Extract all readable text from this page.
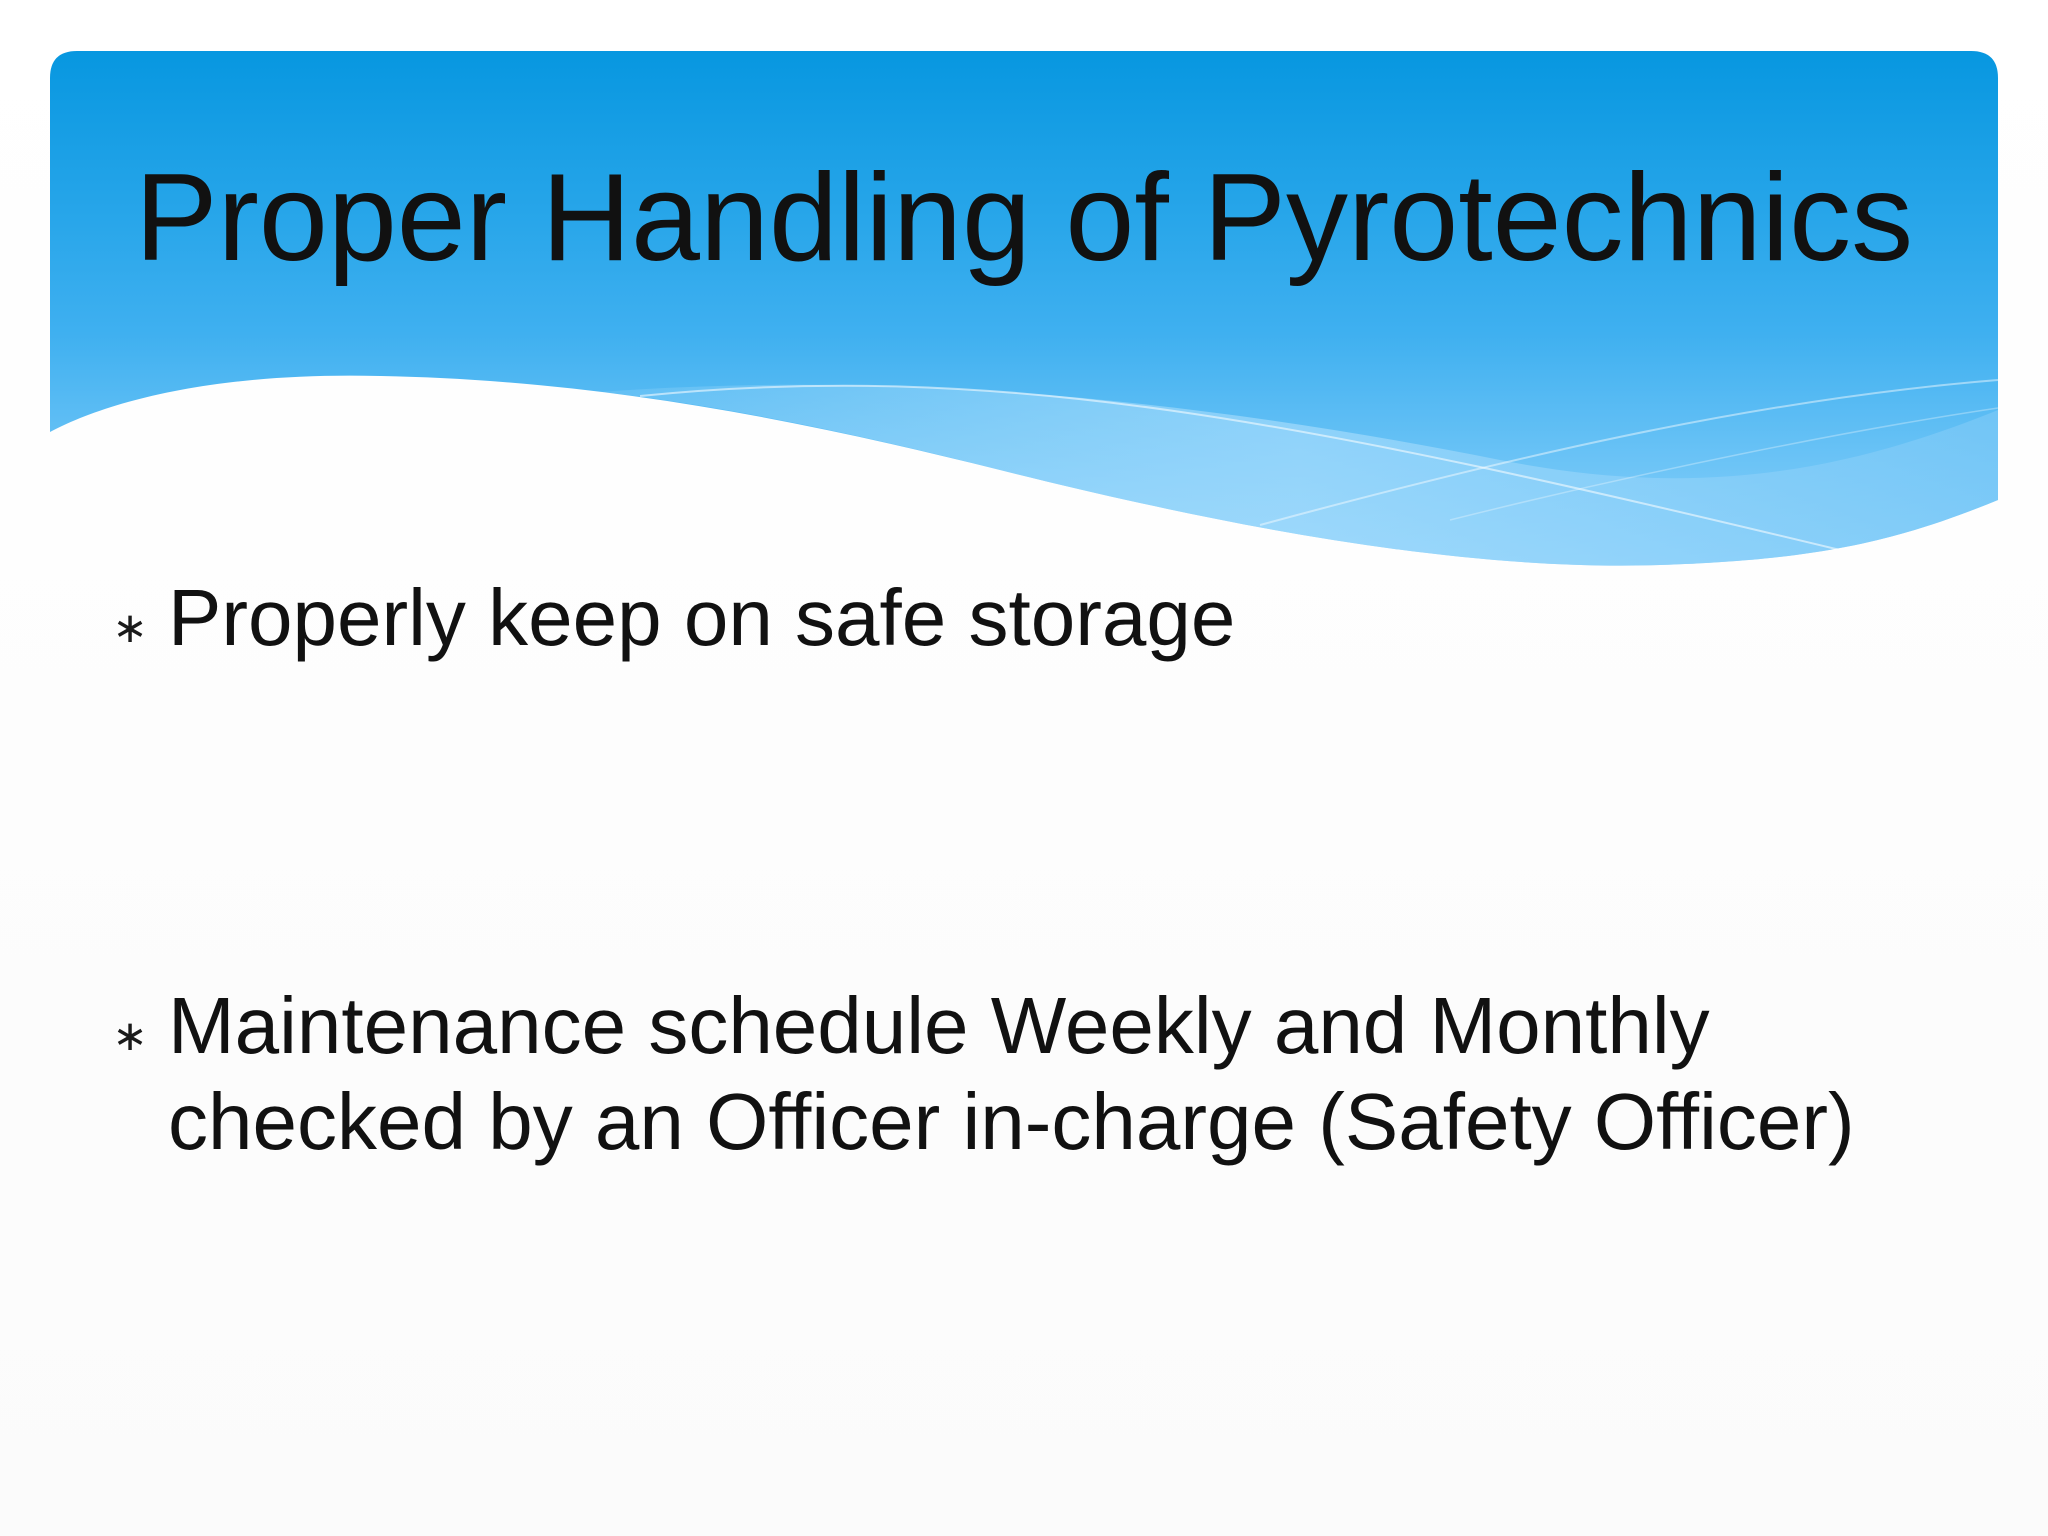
Proper Handling of Pyrotechnics
∗ Properly keep on safe storage
∗ Maintenance schedule Weekly and Monthly checked by an Officer in-charge (Safety Officer)
